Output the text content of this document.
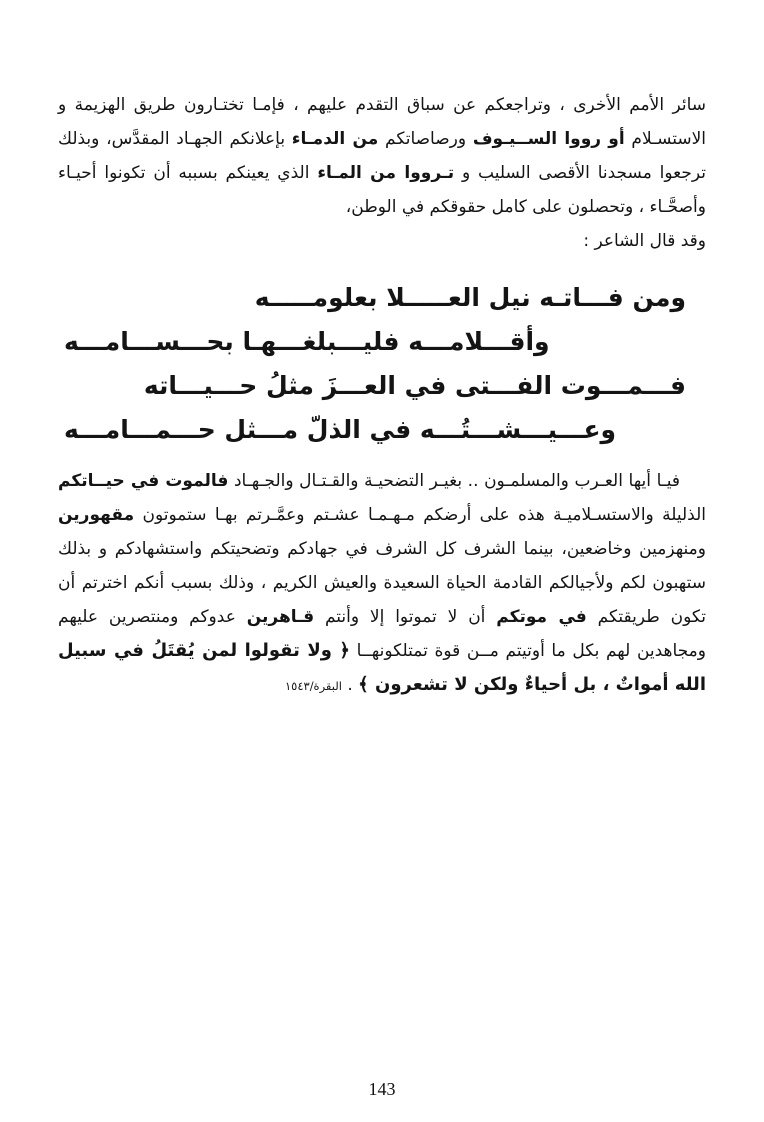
سائر الأمم الأخرى ، وتراجعكم عن سباق التقدم عليهم ، فإمـا تختـارون طريق الهزيمة و الاستسـلام أو رووا الســيـوف ورصاصاتكم من الدمـاء بإعلانكم الجهـاد المقدَّس، وبذلك ترجعوا مسجدنا الأقصى السليب و تـرووا من المـاء الذي يعينكم بسببه أن تكونوا أحيـاء وأصحَّـاء ، وتحصلون على كامل حقوقكم في الوطن،

وقد قال الشاعر :

ومن فـــاتـه نيل العـــــلا بعلومـــــه
وأقـــلامـــه فليـــبلغـــهـا بحـــســـامـــه
فـــمـــوت الفـــتى في العـــزَ مثلُ حـــيـــاته
وعـــيـــشـــتُـــه في الذلّ مـــثل حـــمـــامـــه

فيـا أيها العـرب والمسلمـون .. بغيـر التضحيـة والقـتـال والجـهـاد فالموت في حيــاتكم الذليلة والاستسـلاميـة هذه على أرضكم مـهـمـا عشـتم وعمَّـرتم بهـا ستموتون مقهورين ومنهزمين وخاضعين، بينما الشرف كل الشرف في جهادكم وتضحيتكم واستشهادكم و بذلك ستهبون لكم ولأجيالكم القادمة الحياة السعيدة والعيش الكريم ، وذلك بسبب أنكم اخترتم أن تكون طريقتكم في موتكم أن لا تموتوا إلا وأنتم قـاهرين عدوكم ومنتصرين عليهم ومجاهدين لهم بكل ما أوتيتم مــن قوة تمتلكونهــا ﴿ ولا تقولوا لمن يُقتَلُ في سبيل الله أمواتٌ ، بل أحياءٌ ولكن لا تشعرون ﴾ . البقرة/١٥٤٣

143
